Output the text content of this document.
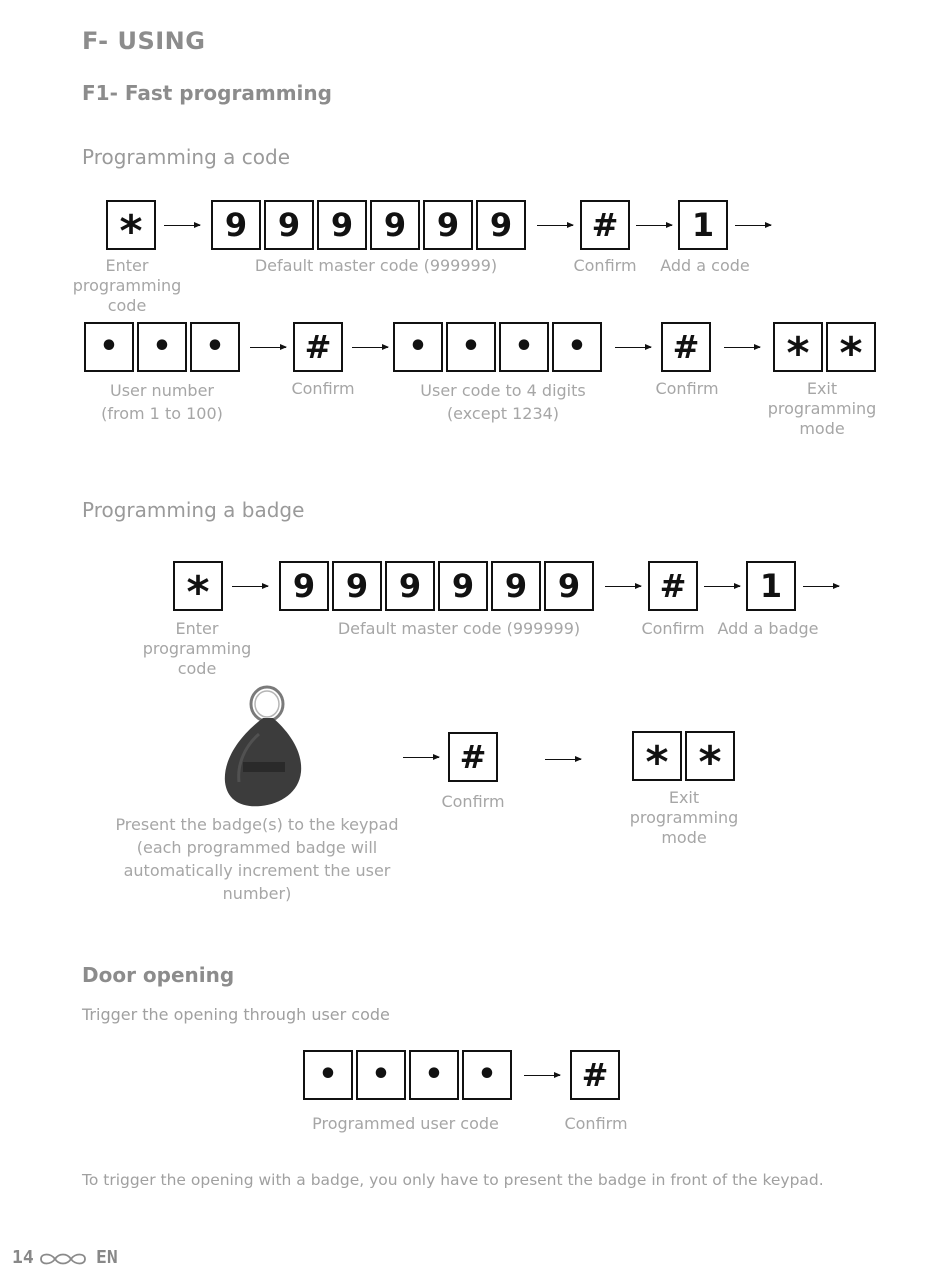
F- USING
F1- Fast programming
Programming a code
*	9 9 9 9 9 9	#	1
Enter programming code
Default master code (999999)	Confirm	Add a code
•	•	•	#	•	•	•	•	#	* *
User number (from 1 to 100)
Confirm	User code to 4 digits (except 1234)
Confirm	Exit programming mode
Programming a badge
*	9 9 9 9 9 9	#	1
Enter programming code
Default master code (999999)	Confirm Add a badge
#	* *
Present the badge(s) to the keypad (each programmed badge will automatically increment the user number)
Confirm	Exit programming mode
Door opening
Trigger the opening through user code
•	•	•	•	#
Programmed user code	Confirm
To trigger the opening with a badge, you only have to present the badge in front of the keypad.
14	EN
